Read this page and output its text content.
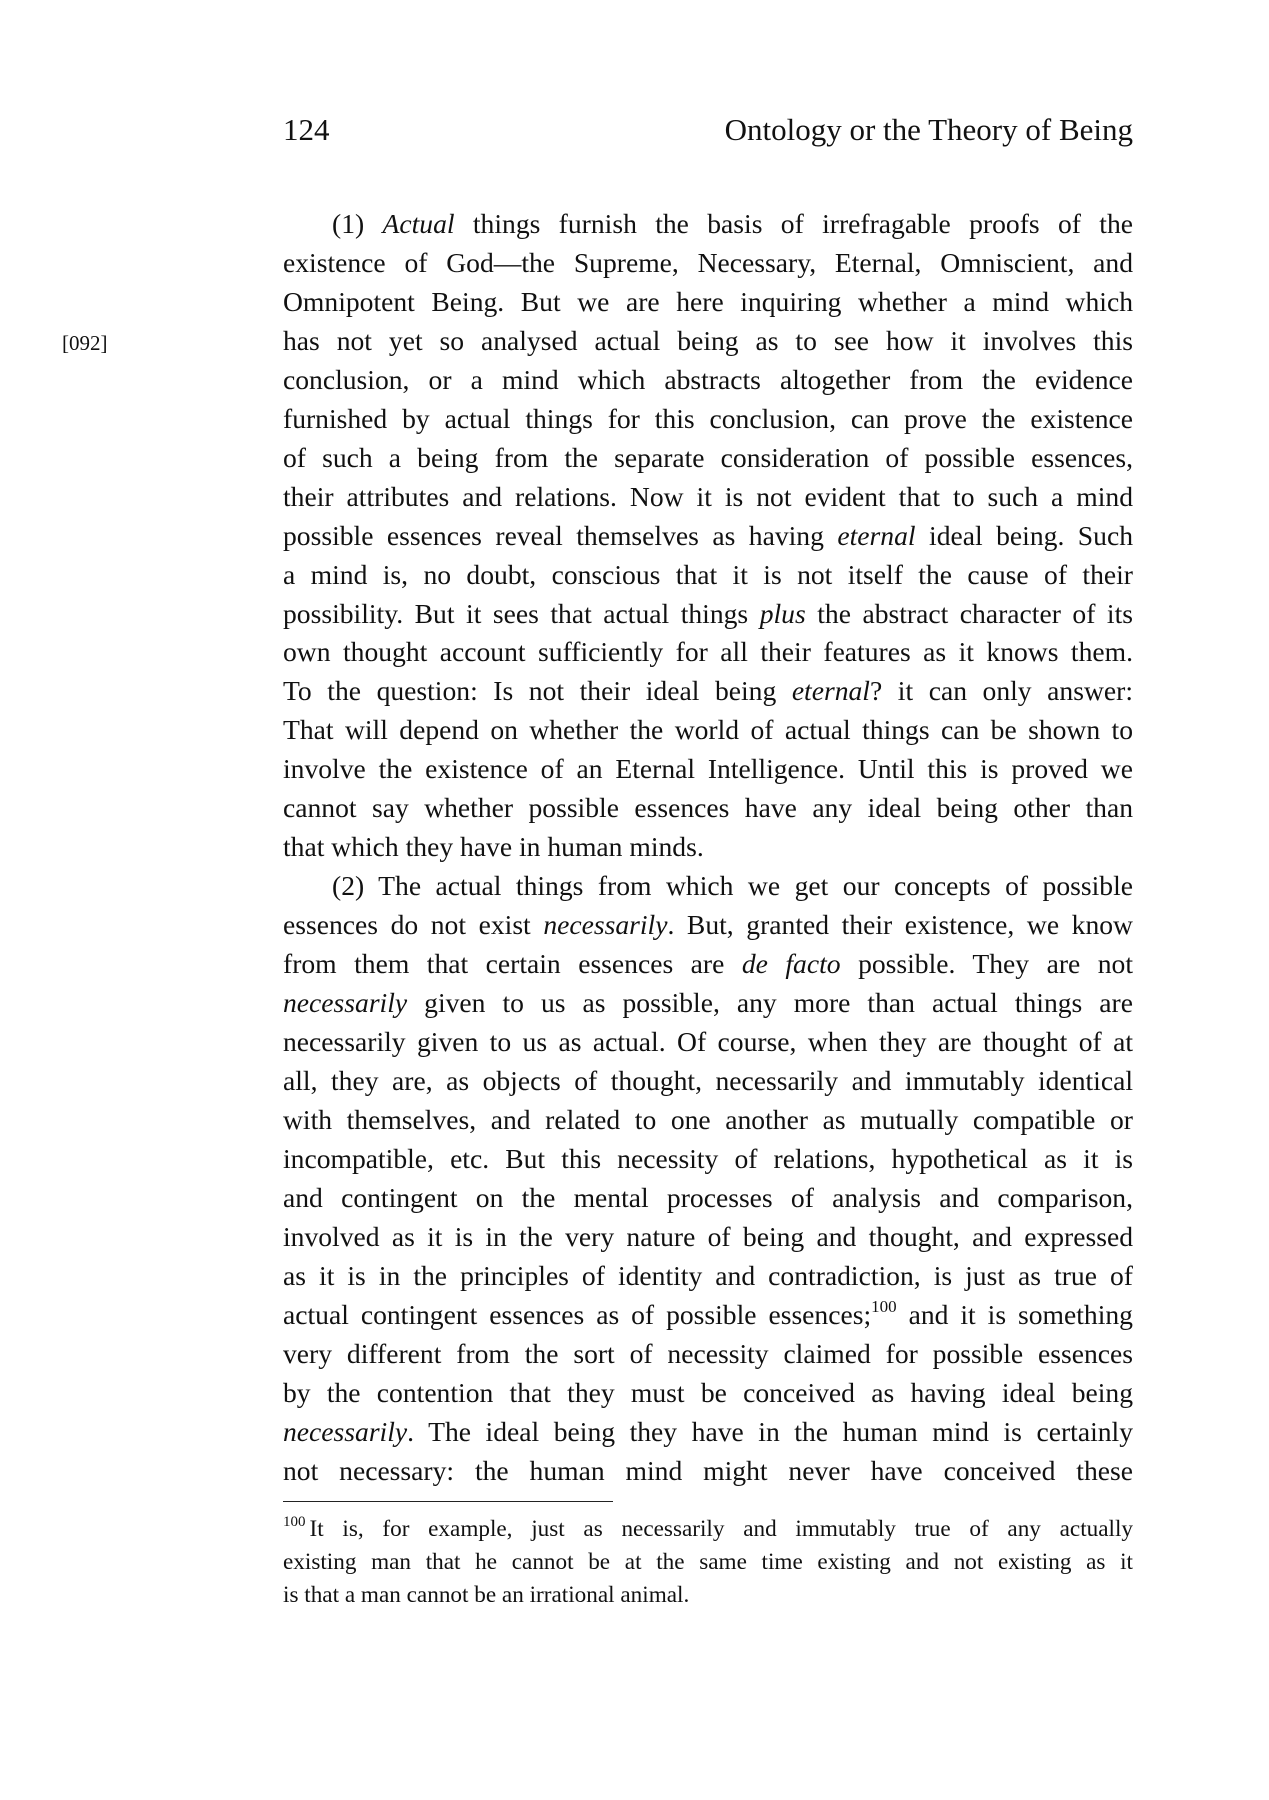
124	Ontology or the Theory of Being
[092]
(1) Actual things furnish the basis of irrefragable proofs of the
existence of God—the Supreme, Necessary, Eternal, Omniscient, and
Omnipotent Being. But we are here inquiring whether a mind which
has not yet so analysed actual being as to see how it involves this
conclusion, or a mind which abstracts altogether from the evidence
furnished by actual things for this conclusion, can prove the existence
of such a being from the separate consideration of possible essences,
their attributes and relations. Now it is not evident that to such a mind
possible essences reveal themselves as having eternal ideal being. Such
a mind is, no doubt, conscious that it is not itself the cause of their
possibility. But it sees that actual things plus the abstract character of its
own thought account sufficiently for all their features as it knows them.
To the question: Is not their ideal being eternal? it can only answer:
That will depend on whether the world of actual things can be shown to
involve the existence of an Eternal Intelligence. Until this is proved we
cannot say whether possible essences have any ideal being other than
that which they have in human minds.
(2) The actual things from which we get our concepts of possible
essences do not exist necessarily. But, granted their existence, we know
from them that certain essences are de facto possible. They are not
necessarily given to us as possible, any more than actual things are
necessarily given to us as actual. Of course, when they are thought of at
all, they are, as objects of thought, necessarily and immutably identical
with themselves, and related to one another as mutually compatible or
incompatible, etc. But this necessity of relations, hypothetical as it is
and contingent on the mental processes of analysis and comparison,
involved as it is in the very nature of being and thought, and expressed
as it is in the principles of identity and contradiction, is just as true of
actual contingent essences as of possible essences;$^{100}$ and it is something
very different from the sort of necessity claimed for possible essences
by the contention that they must be conceived as having ideal being
necessarily. The ideal being they have in the human mind is certainly
not necessary: the human mind might never have conceived these
$^{100}$ It is, for example, just as necessarily and immutably true of any actually
existing man that he cannot be at the same time existing and not existing as it
is that a man cannot be an irrational animal.
